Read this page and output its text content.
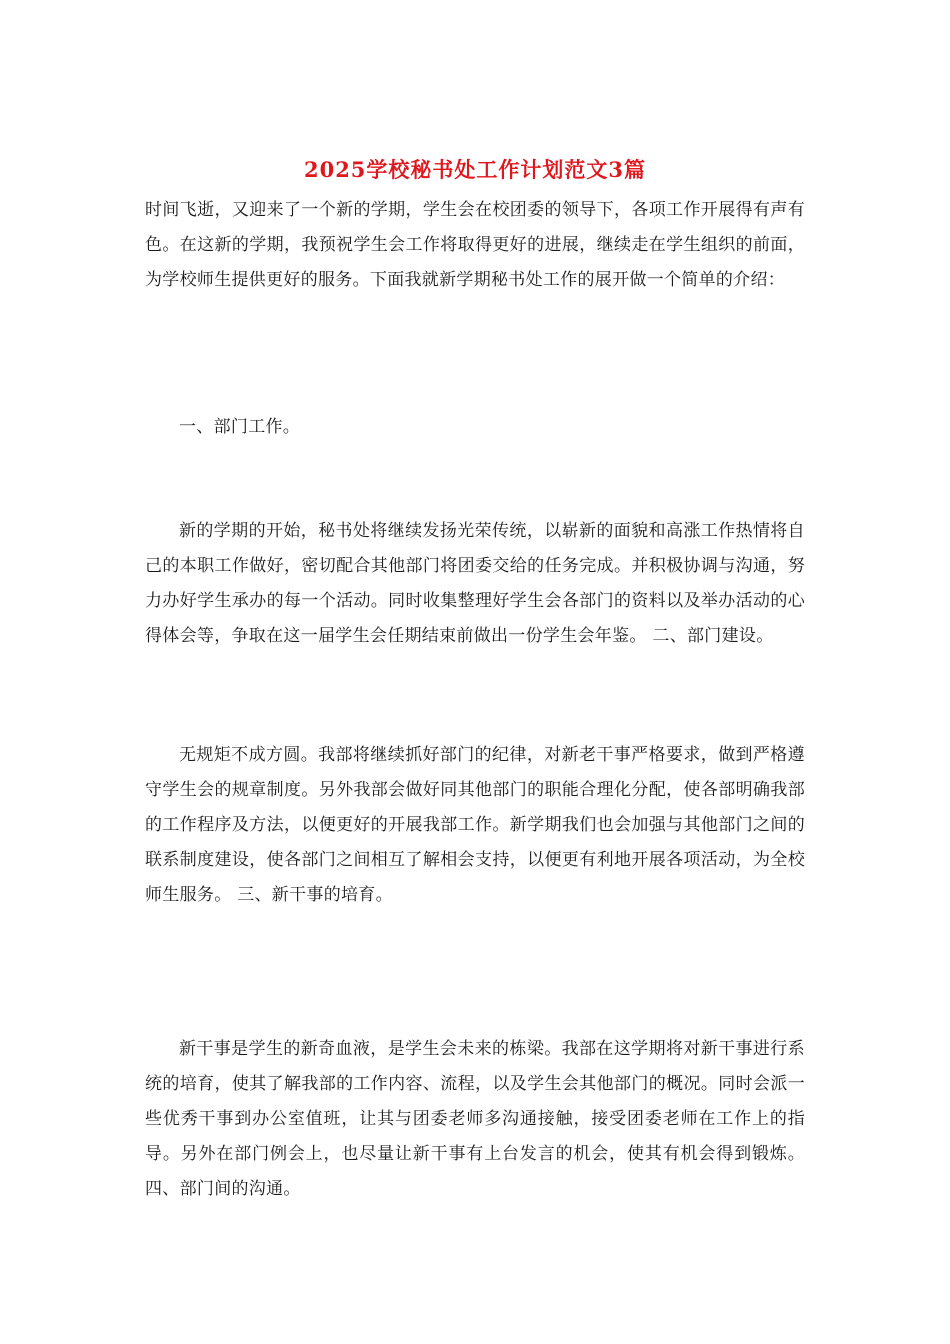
2025学校秘书处工作计划范文3篇
时间飞逝，又迎来了一个新的学期，学生会在校团委的领导下，各项工作开展得有声有色。在这新的学期，我预祝学生会工作将取得更好的进展，继续走在学生组织的前面，为学校师生提供更好的服务。下面我就新学期秘书处工作的展开做一个简单的介绍：
一、部门工作。
新的学期的开始，秘书处将继续发扬光荣传统，以崭新的面貌和高涨工作热情将自己的本职工作做好，密切配合其他部门将团委交给的任务完成。并积极协调与沟通，努力办好学生承办的每一个活动。同时收集整理好学生会各部门的资料以及举办活动的心得体会等，争取在这一届学生会任期结束前做出一份学生会年鉴。 二、部门建设。
无规矩不成方圆。我部将继续抓好部门的纪律，对新老干事严格要求，做到严格遵守学生会的规章制度。另外我部会做好同其他部门的职能合理化分配，使各部明确我部的工作程序及方法，以便更好的开展我部工作。新学期我们也会加强与其他部门之间的联系制度建设，使各部门之间相互了解相会支持，以便更有利地开展各项活动，为全校师生服务。 三、新干事的培育。
新干事是学生的新奇血液，是学生会未来的栋梁。我部在这学期将对新干事进行系统的培育，使其了解我部的工作内容、流程，以及学生会其他部门的概况。同时会派一些优秀干事到办公室值班，让其与团委老师多沟通接触，接受团委老师在工作上的指导。另外在部门例会上，也尽量让新干事有上台发言的机会，使其有机会得到锻炼。 四、部门间的沟通。
